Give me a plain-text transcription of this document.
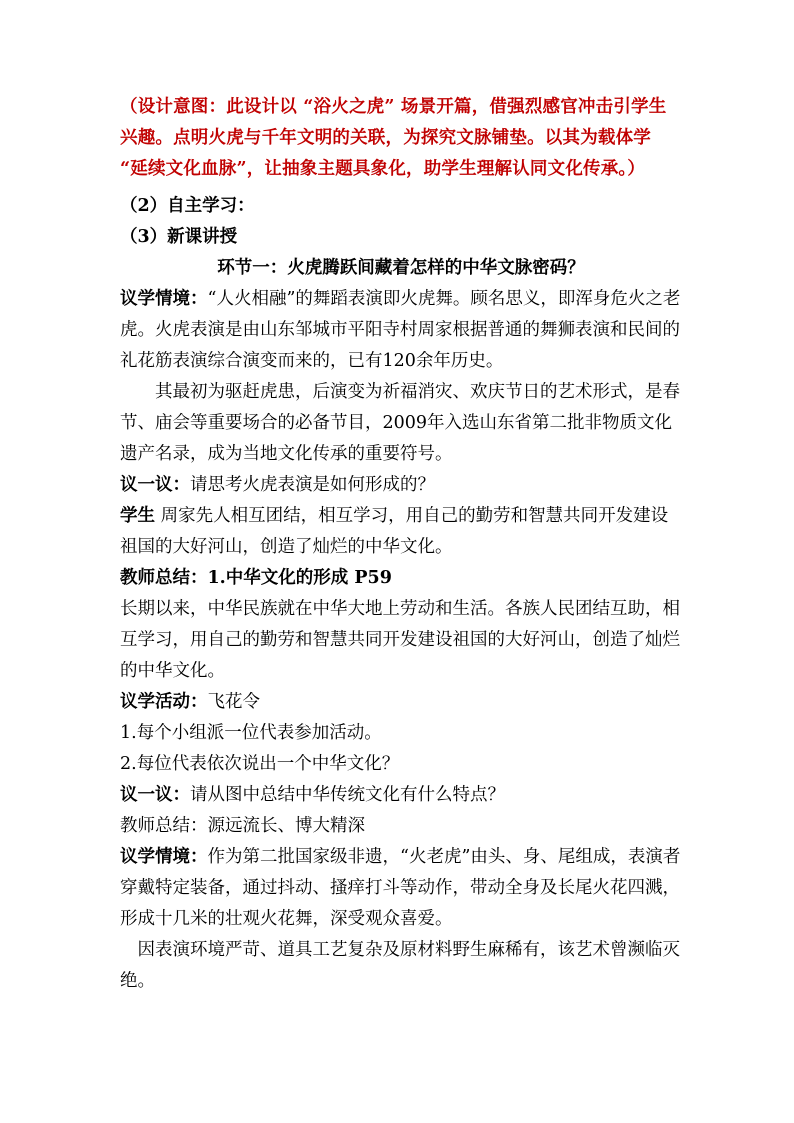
（设计意图：此设计以 “浴火之虎” 场景开篇，借强烈感官冲击引学生兴趣。点明火虎与千年文明的关联，为探究文脉铺垫。以其为载体学 “延续文化血脉”，让抽象主题具象化，助学生理解认同文化传承。）

（2）自主学习：

（3）新课讲授

环节一：火虎腾跃间藏着怎样的中华文脉密码？

议学情境：“人火相融”的舞蹈表演即火虎舞。顾名思义，即浑身危火之老虎。火虎表演是由山东邹城市平阳寺村周家根据普通的舞狮表演和民间的礼花筋表演综合演变而来的，已有120余年历史。

其最初为驱赶虎患，后演变为祈福消灾、欢庆节日的艺术形式，是春节、庙会等重要场合的必备节目，2009年入选山东省第二批非物质文化遗产名录，成为当地文化传承的重要符号。

议一议：请思考火虎表演是如何形成的？

学生 周家先人相互团结，相互学习，用自己的勤劳和智慧共同开发建设祖国的大好河山，创造了灿烂的中华文化。

教师总结：1.中华文化的形成 P59

长期以来，中华民族就在中华大地上劳动和生活。各族人民团结互助，相互学习，用自己的勤劳和智慧共同开发建设祖国的大好河山，创造了灿烂的中华文化。

议学活动：飞花令

1.每个小组派一位代表参加活动。

2.每位代表依次说出一个中华文化？

议一议：请从图中总结中华传统文化有什么特点？

教师总结：源远流长、博大精深

议学情境：作为第二批国家级非遗，“火老虎”由头、身、尾组成，表演者穿戴特定装备，通过抖动、搔痒打斗等动作，带动全身及长尾火花四溅，形成十几米的壮观火花舞，深受观众喜爱。

因表演环境严苛、道具工艺复杂及原材料野生麻稀有，该艺术曾濒临灭绝。
